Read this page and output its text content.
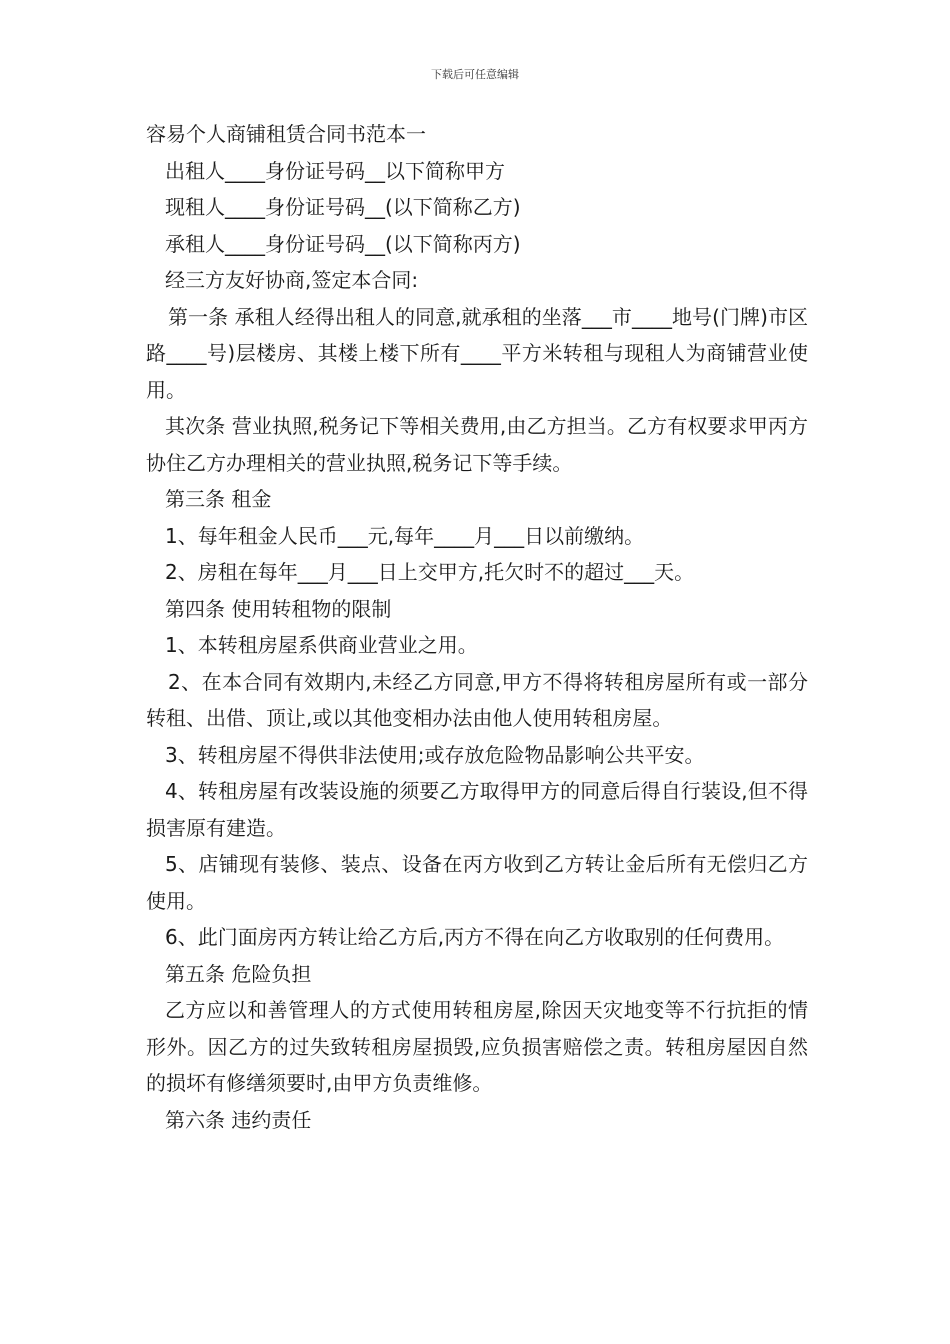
下载后可任意编辑

容易个人商铺租赁合同书范本一

出租人____身份证号码__以下简称甲方

现租人____身份证号码__(以下简称乙方)

承租人____身份证号码__(以下简称丙方)

经三方友好协商,签定本合同:

第一条 承租人经得出租人的同意,就承租的坐落___市____地号(门牌)市区路____号)层楼房、其楼上楼下所有____平方米转租与现租人为商铺营业使用。

其次条 营业执照,税务记下等相关费用,由乙方担当。乙方有权要求甲丙方协住乙方办理相关的营业执照,税务记下等手续。

第三条 租金

1、每年租金人民币___元,每年____月___日以前缴纳。

2、房租在每年___月___日上交甲方,托欠时不的超过___天。

第四条 使用转租物的限制

1、本转租房屋系供商业营业之用。

2、在本合同有效期内,未经乙方同意,甲方不得将转租房屋所有或一部分转租、出借、顶让,或以其他变相办法由他人使用转租房屋。

3、转租房屋不得供非法使用;或存放危险物品影响公共平安。

4、转租房屋有改装设施的须要乙方取得甲方的同意后得自行装设,但不得损害原有建造。

5、店铺现有装修、装点、设备在丙方收到乙方转让金后所有无偿归乙方使用。

6、此门面房丙方转让给乙方后,丙方不得在向乙方收取别的任何费用。

第五条 危险负担

乙方应以和善管理人的方式使用转租房屋,除因天灾地变等不行抗拒的情形外。因乙方的过失致转租房屋损毁,应负损害赔偿之责。转租房屋因自然的损坏有修缮须要时,由甲方负责维修。

第六条 违约责任
